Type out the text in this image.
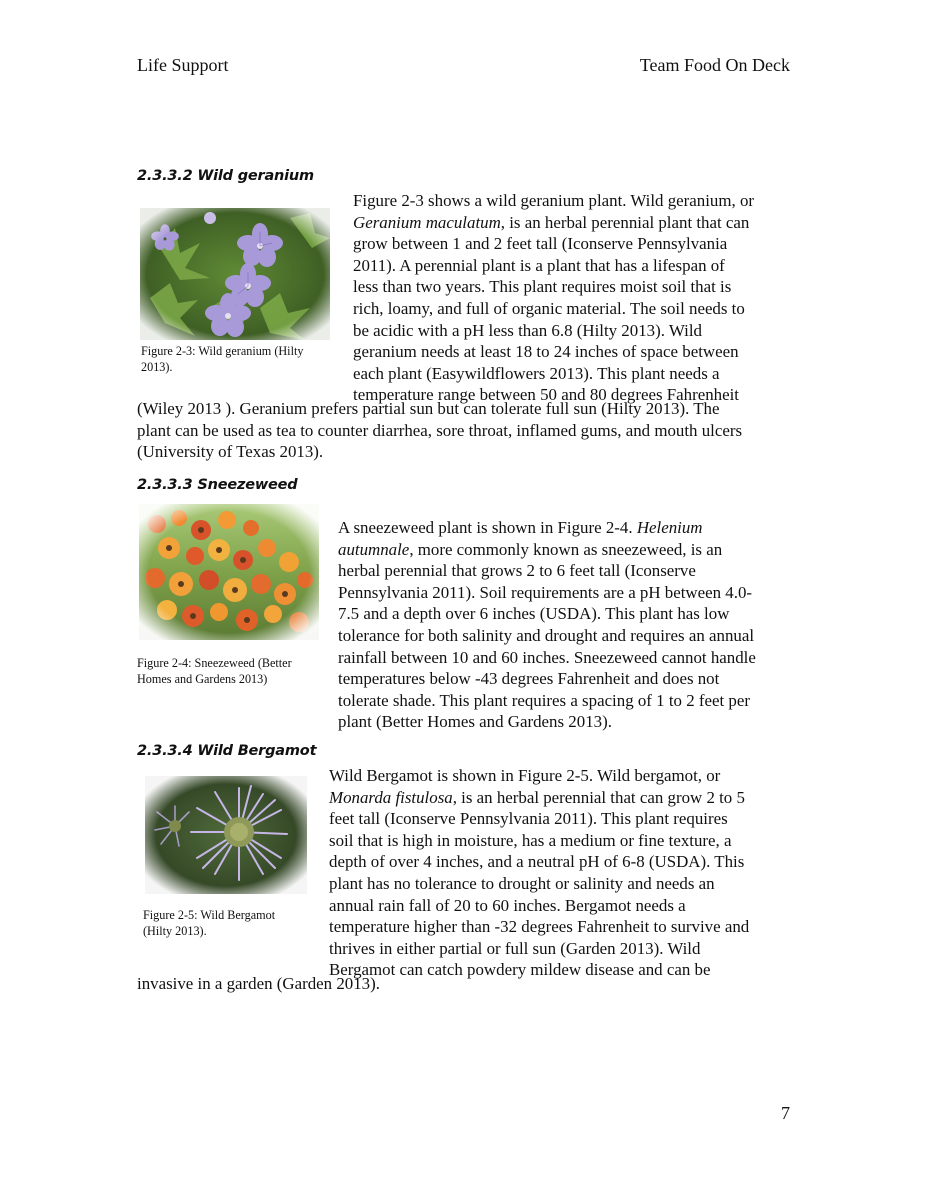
Life Support	Team Food On Deck
2.3.3.2 Wild geranium
Figure 2-3: Wild geranium (Hilty
2013).
Figure 2-3 shows a wild geranium plant. Wild geranium, or
Geranium maculatum, is an herbal perennial plant that can
grow between 1 and 2 feet tall (Iconserve Pennsylvania
2011). A perennial plant is a plant that has a lifespan of
less than two years. This plant requires moist soil that is
rich, loamy, and full of organic material. The soil needs to
be acidic with a pH less than 6.8 (Hilty 2013). Wild
geranium needs at least 18 to 24 inches of space between
each plant (Easywildflowers 2013). This plant needs a
temperature range between 50 and 80 degrees Fahrenheit
(Wiley 2013 ). Geranium prefers partial sun but can tolerate full sun (Hilty 2013). The
plant can be used as tea to counter diarrhea, sore throat, inflamed gums, and mouth ulcers
(University of Texas 2013).
2.3.3.3 Sneezeweed
Figure 2-4: Sneezeweed (Better
Homes and Gardens 2013)
A sneezeweed plant is shown in Figure 2-4. Helenium
autumnale, more commonly known as sneezeweed, is an
herbal perennial that grows 2 to 6 feet tall (Iconserve
Pennsylvania 2011). Soil requirements are a pH between 4.0-
7.5 and a depth over 6 inches (USDA). This plant has low
tolerance for both salinity and drought and requires an annual
rainfall between 10 and 60 inches. Sneezeweed cannot handle
temperatures below -43 degrees Fahrenheit and does not
tolerate shade. This plant requires a spacing of 1 to 2 feet per
plant (Better Homes and Gardens 2013).
2.3.3.4 Wild Bergamot
Figure 2-5: Wild Bergamot
(Hilty 2013).
Wild Bergamot is shown in Figure 2-5. Wild bergamot, or
Monarda fistulosa, is an herbal perennial that can grow 2 to 5
feet tall (Iconserve Pennsylvania 2011). This plant requires
soil that is high in moisture, has a medium or fine texture, a
depth of over 4 inches, and a neutral pH of 6-8 (USDA). This
plant has no tolerance to drought or salinity and needs an
annual rain fall of 20 to 60 inches. Bergamot needs a
temperature higher than -32 degrees Fahrenheit to survive and
thrives in either partial or full sun (Garden 2013). Wild
Bergamot can catch powdery mildew disease and can be
invasive in a garden (Garden 2013).
7
